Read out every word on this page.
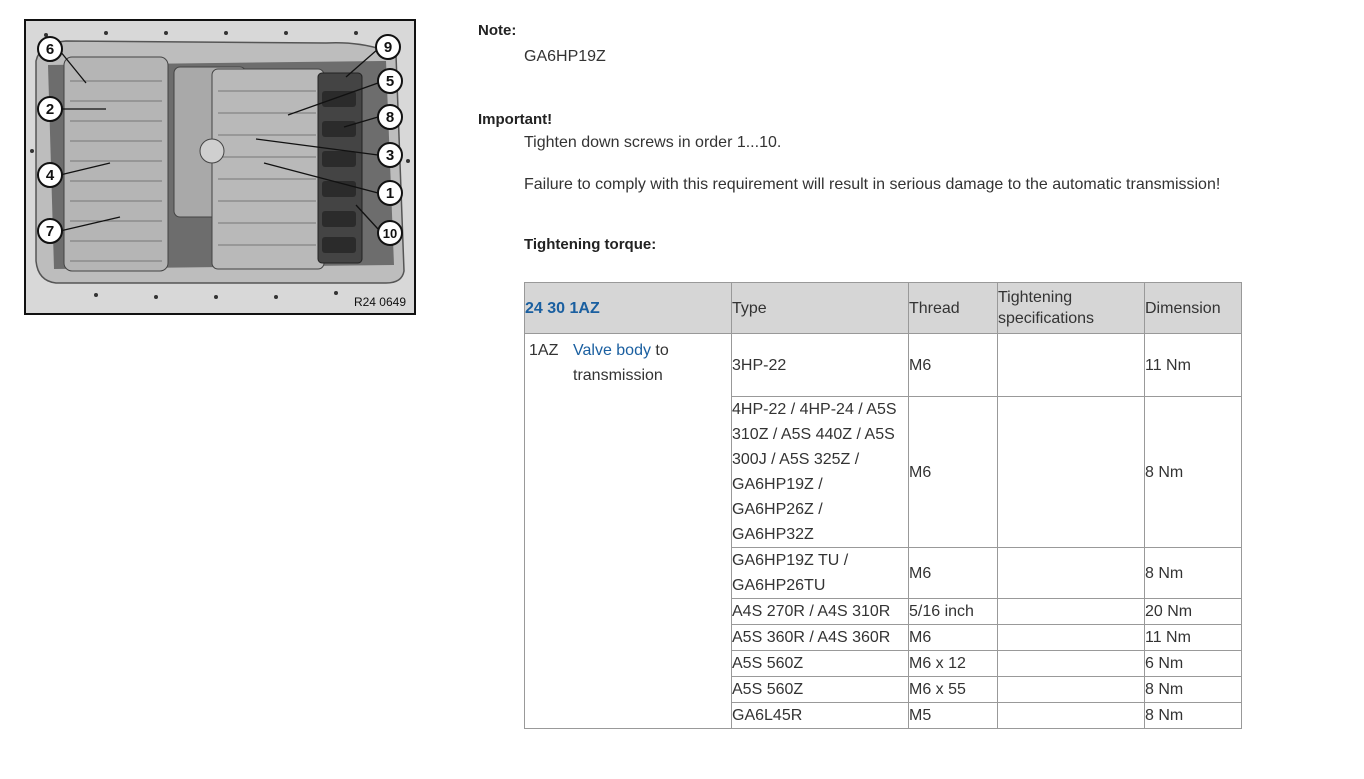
6	9
5
2	8
3
4
1
7	10
R24 0649
Note:
GA6HP19Z
Important!
Tighten down screws in order 1...10.
Failure to comply with this requirement will result in serious damage to the automatic transmission!
Tightening torque:
24 30 1AZ	Type	Thread	Tightening specifications	Dimension

1AZ Valve body to transmission	3HP-22	M6		11 Nm
	4HP-22 / 4HP-24 / A5S 310Z / A5S 440Z / A5S 300J / A5S 325Z / GA6HP19Z / GA6HP26Z / GA6HP32Z	M6		8 Nm
	GA6HP19Z TU / GA6HP26TU	M6		8 Nm
	A4S 270R / A4S 310R	5/16 inch		20 Nm
	A5S 360R / A4S 360R	M6		11 Nm
	A5S 560Z	M6 x 12		6 Nm
	A5S 560Z	M6 x 55		8 Nm
	GA6L45R	M5		8 Nm
